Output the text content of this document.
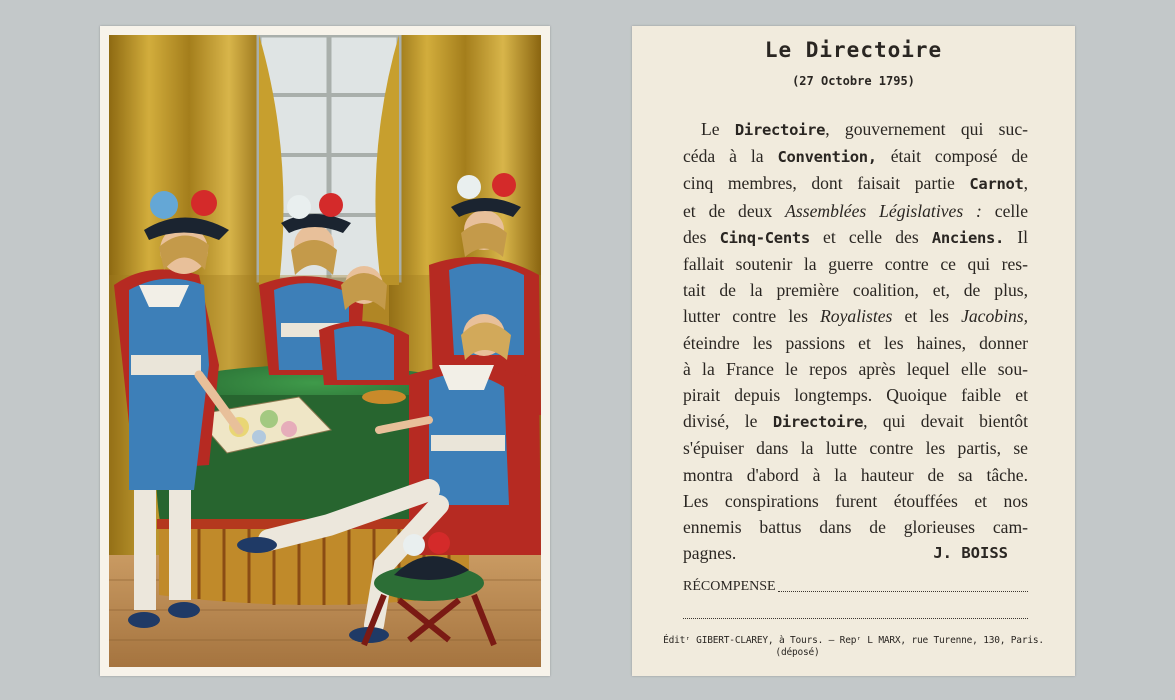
Le Directoire
(27 Octobre 1795)
Le Directoire, gouvernement qui suc-
céda à la Convention, était composé de
cinq membres, dont faisait partie Carnot,
et de deux Assemblées Législatives : celle
des Cinq-Cents et celle des Anciens. Il
fallait soutenir la guerre contre ce qui res-
tait de la première coalition, et, de plus,
lutter contre les Royalistes et les Jacobins,
éteindre les passions et les haines, donner
à la France le repos après lequel elle sou-
pirait depuis longtemps. Quoique faible et
divisé, le Directoire, qui devait bientôt
s'épuiser dans la lutte contre les partis, se
montra d'abord à la hauteur de sa tâche.
Les conspirations furent étouffées et nos
ennemis battus dans de glorieuses cam-
pagnes.	J. BOISS
RÉCOMPENSE
Éditʳ GIBERT-CLAREY, à Tours. — Repʳ L MARX, rue Turenne, 130, Paris.
(déposé)
